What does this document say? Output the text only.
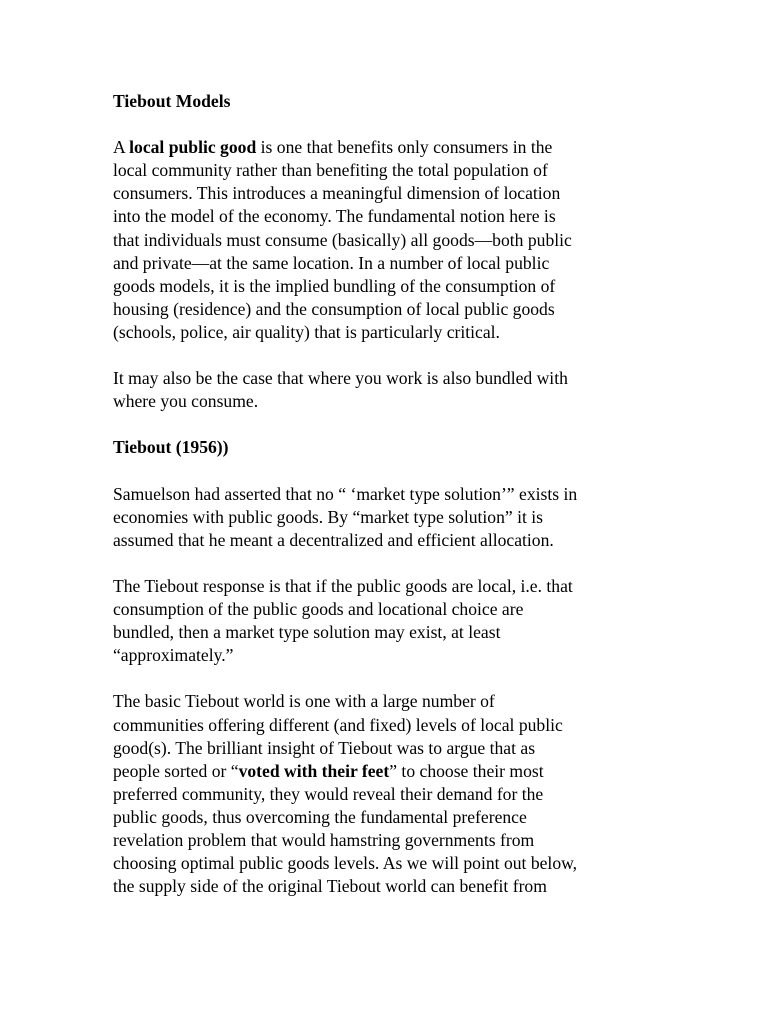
Tiebout Models

A local public good is one that benefits only consumers in the

local community rather than benefiting the total population of

consumers. This introduces a meaningful dimension of location

into the model of the economy. The fundamental notion here is

that individuals must consume (basically) all goods—both public

and private—at the same location. In a number of local public

goods models, it is the implied bundling of the consumption of

housing (residence) and the consumption of local public goods

(schools, police, air quality) that is particularly critical.

It may also be the case that where you work is also bundled with

where you consume.

Tiebout (1956))

Samuelson had asserted that no “ ‘market type solution’” exists in

economies with public goods. By “market type solution” it is

assumed that he meant a decentralized and efficient allocation.

The Tiebout response is that if the public goods are local, i.e. that

consumption of the public goods and locational choice are

bundled, then a market type solution may exist, at least

“approximately.”

The basic Tiebout world is one with a large number of

communities offering different (and fixed) levels of local public

good(s). The brilliant insight of Tiebout was to argue that as

people sorted or “voted with their feet” to choose their most

preferred community, they would reveal their demand for the

public goods, thus overcoming the fundamental preference

revelation problem that would hamstring governments from

choosing optimal public goods levels. As we will point out below,

the supply side of the original Tiebout world can benefit from
